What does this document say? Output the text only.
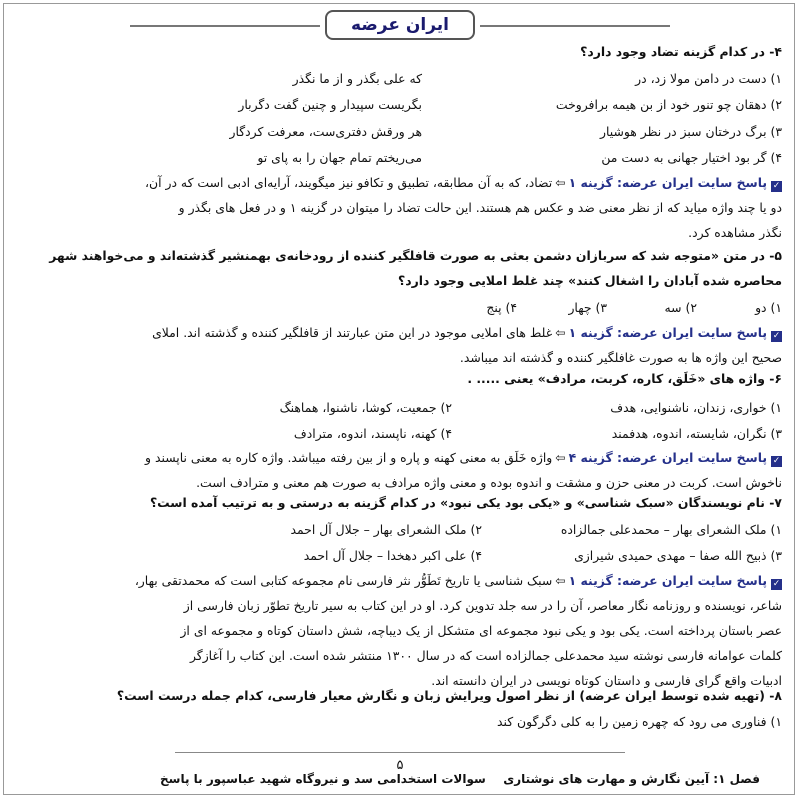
ایران عرضه
۴- در کدام گزینه تضاد وجود دارد؟
۱) دست در دامن مولا زد، در
که علی بگذر و از ما نگذر
۲) دهقان چو تنور خود از بن هیمه برافروخت
بگریست سپیدار و چنین گفت دگربار
۳) برگ درختان سبز در نظر هوشیار
هر ورقش دفتری‌ست، معرفت کردگار
۴) گر بود اختیار جهانی به دست من
می‌ریختم تمام جهان را به پای تو
✓پاسخ سایت ایران عرضه: گزینه ۱⇦تضاد، که به آن مطابقه، تطبیق و تکافو نیز میگویند، آرایه‌ای ادبی است که در آن،
دو یا چند واژه میاید که از نظر معنی ضد و عکس هم هستند. این حالت تضاد را میتوان در گزینه ۱ و در فعل های بگذر و
نگذر مشاهده کرد.
۵- در متن «متوجه شد که سربازان دشمن بعثی به صورت قافلگیر کننده از رودخانه‌ی بهمنشیر گذشته‌اند و می‌خواهند شهر
محاصره شده آبادان را اشغال کنند» چند غلط املایی وجود دارد؟
۱) دو
۲) سه
۳) چهار
۴) پنج
✓پاسخ سایت ایران عرضه: گزینه ۱⇦غلط های املایی موجود در این متن عبارتند از قافلگیر کننده و گذشته اند. املای
صحیح این واژه ها به صورت غافلگیر کننده و گذشته اند میباشد.
۶- واژه های «خَلَق، کاره، کربت، مرادف» یعنی ..... .
۱) خواری، زندان، ناشنوایی، هدف
۲) جمعیت، کوشا، ناشنوا، هماهنگ
۳) نگران، شایسته، اندوه، هدفمند
۴) کهنه، ناپسند، اندوه، مترادف
✓پاسخ سایت ایران عرضه: گزینه ۴⇦واژه خَلَق به معنی کهنه و پاره و از بین رفته میباشد. واژه کاره به معنی ناپسند و
ناخوش است. کربت در معنی حزن و مشقت و اندوه بوده و معنی واژه مرادف به صورت هم معنی و مترادف است.
۷- نام نویسندگان «سبک شناسی» و «یکی بود یکی نبود» در کدام گزینه به درستی و به ترتیب آمده است؟
۱) ملک الشعرای بهار – محمدعلی جمالزاده
۲) ملک الشعرای بهار – جلال آل احمد
۳) ذبیح الله صفا – مهدی حمیدی شیرازی
۴) علی اکبر دهخدا – جلال آل احمد
✓پاسخ سایت ایران عرضه: گزینه ۱⇦سبک شناسی یا تاریخ تَطَوُّر نثر فارسی نام مجموعه کتابی است که محمدتقی بهار،
شاعر، نویسنده و روزنامه نگار معاصر، آن را در سه جلد تدوین کرد. او در این کتاب به سیر تاریخ تطوّر زبان فارسی از
عصر باستان پرداخته است. یکی بود و یکی نبود مجموعه ای متشکل از یک دیباچه، شش داستان کوتاه و مجموعه ای از
کلمات عوامانه فارسی نوشته سید محمدعلی جمالزاده است که در سال ۱۳۰۰ منتشر شده است. این کتاب را آغازگر
ادبیات واقع گرای فارسی و داستان کوتاه نویسی در ایران دانسته اند.
۸- (تهیه شده توسط ایران عرضه) از نظر اصول ویرایش زبان و نگارش معیار فارسی، کدام جمله درست است؟
۱) فناوری می رود که چهره زمین را به کلی دگرگون کند
۵
فصل ۱: آیین نگارش و مهارت های نوشتاری
سوالات استخدامی سد و نیروگاه شهید عباسپور با پاسخ
